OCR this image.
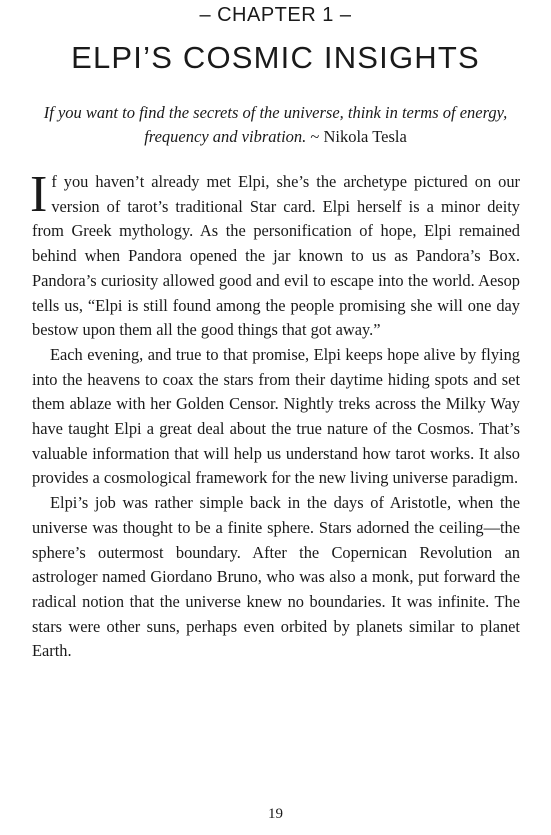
– CHAPTER 1 –
ELPI’S COSMIC INSIGHTS
If you want to find the secrets of the universe, think in terms of energy, frequency and vibration. ~ Nikola Tesla

If you haven’t already met Elpi, she’s the archetype pictured on our version of tarot’s traditional Star card. Elpi herself is a minor deity from Greek mythology. As the personification of hope, Elpi remained behind when Pandora opened the jar known to us as Pandora’s Box. Pandora’s curiosity allowed good and evil to escape into the world. Aesop tells us, “Elpi is still found among the people promising she will one day bestow upon them all the good things that got away.”

Each evening, and true to that promise, Elpi keeps hope alive by flying into the heavens to coax the stars from their daytime hiding spots and set them ablaze with her Golden Censor. Nightly treks across the Milky Way have taught Elpi a great deal about the true nature of the Cosmos. That’s valuable information that will help us understand how tarot works. It also provides a cosmological framework for the new living universe paradigm.

Elpi’s job was rather simple back in the days of Aristotle, when the universe was thought to be a finite sphere. Stars adorned the ceiling—the sphere’s outermost boundary. After the Copernican Revolution an astrologer named Giordano Bruno, who was also a monk, put forward the radical notion that the universe knew no boundaries. It was infinite. The stars were other suns, perhaps even orbited by planets similar to planet Earth.

19
